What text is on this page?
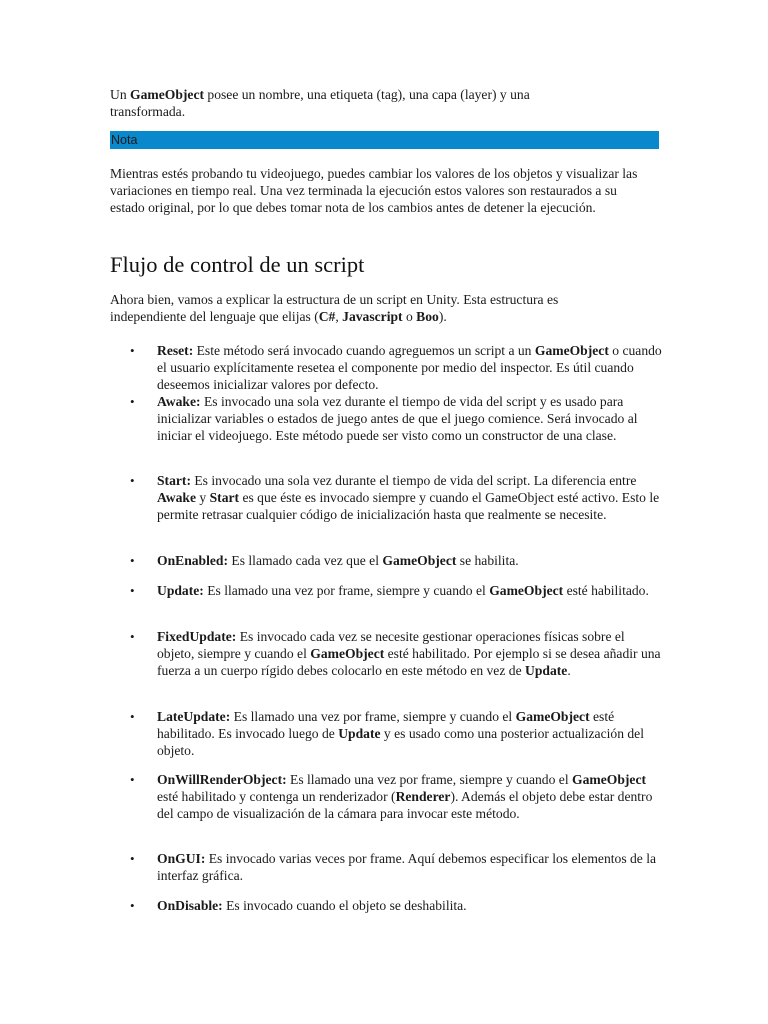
Un GameObject posee un nombre, una etiqueta (tag), una capa (layer) y una transformada.

Nota

Mientras estés probando tu videojuego, puedes cambiar los valores de los objetos y visualizar las variaciones en tiempo real. Una vez terminada la ejecución estos valores son restaurados a su estado original, por lo que debes tomar nota de los cambios antes de detener la ejecución.

Flujo de control de un script

Ahora bien, vamos a explicar la estructura de un script en Unity. Esta estructura es independiente del lenguaje que elijas (C#, Javascript o Boo).

• Reset: Este método será invocado cuando agreguemos un script a un GameObject o cuando el usuario explícitamente resetea el componente por medio del inspector. Es útil cuando deseemos inicializar valores por defecto.
• Awake: Es invocado una sola vez durante el tiempo de vida del script y es usado para inicializar variables o estados de juego antes de que el juego comience. Será invocado al iniciar el videojuego. Este método puede ser visto como un constructor de una clase.
• Start: Es invocado una sola vez durante el tiempo de vida del script. La diferencia entre Awake y Start es que éste es invocado siempre y cuando el GameObject esté activo. Esto le permite retrasar cualquier código de inicialización hasta que realmente se necesite.
• OnEnabled: Es llamado cada vez que el GameObject se habilita.
• Update: Es llamado una vez por frame, siempre y cuando el GameObject esté habilitado.
• FixedUpdate: Es invocado cada vez se necesite gestionar operaciones físicas sobre el objeto, siempre y cuando el GameObject esté habilitado. Por ejemplo si se desea añadir una fuerza a un cuerpo rígido debes colocarlo en este método en vez de Update.
• LateUpdate: Es llamado una vez por frame, siempre y cuando el GameObject esté habilitado. Es invocado luego de Update y es usado como una posterior actualización del objeto.
• OnWillRenderObject: Es llamado una vez por frame, siempre y cuando el GameObject esté habilitado y contenga un renderizador (Renderer). Además el objeto debe estar dentro del campo de visualización de la cámara para invocar este método.
• OnGUI: Es invocado varias veces por frame. Aquí debemos especificar los elementos de la interfaz gráfica.
• OnDisable: Es invocado cuando el objeto se deshabilita.
